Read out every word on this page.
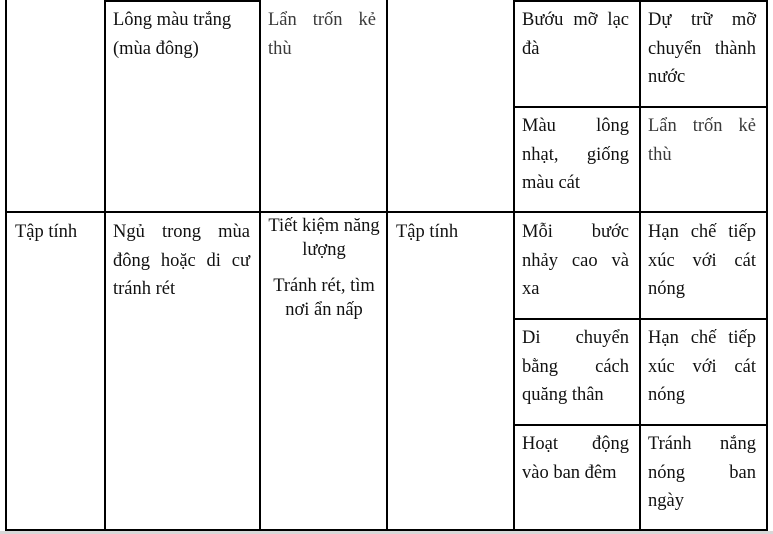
Lông màu trắng (mùa đông)
Lẩn trốn kẻ thù
Tập tính	Ngủ trong mùa đông hoặc di cư tránh rét
Tiết kiệm năng lượng
Tránh rét, tìm nơi ẩn nấp
Tập tính
Bướu mỡ lạc đà
Dự trữ mỡ chuyển thành nước
Màu lông nhạt, giống màu cát
Lẩn trốn kẻ thù
Mỗi bước nhảy cao và xa
Hạn chế tiếp xúc với cát nóng
Di chuyển bằng cách quăng thân
Hạn chế tiếp xúc với cát nóng
Hoạt động vào ban đêm
Tránh nắng nóng ban ngày
